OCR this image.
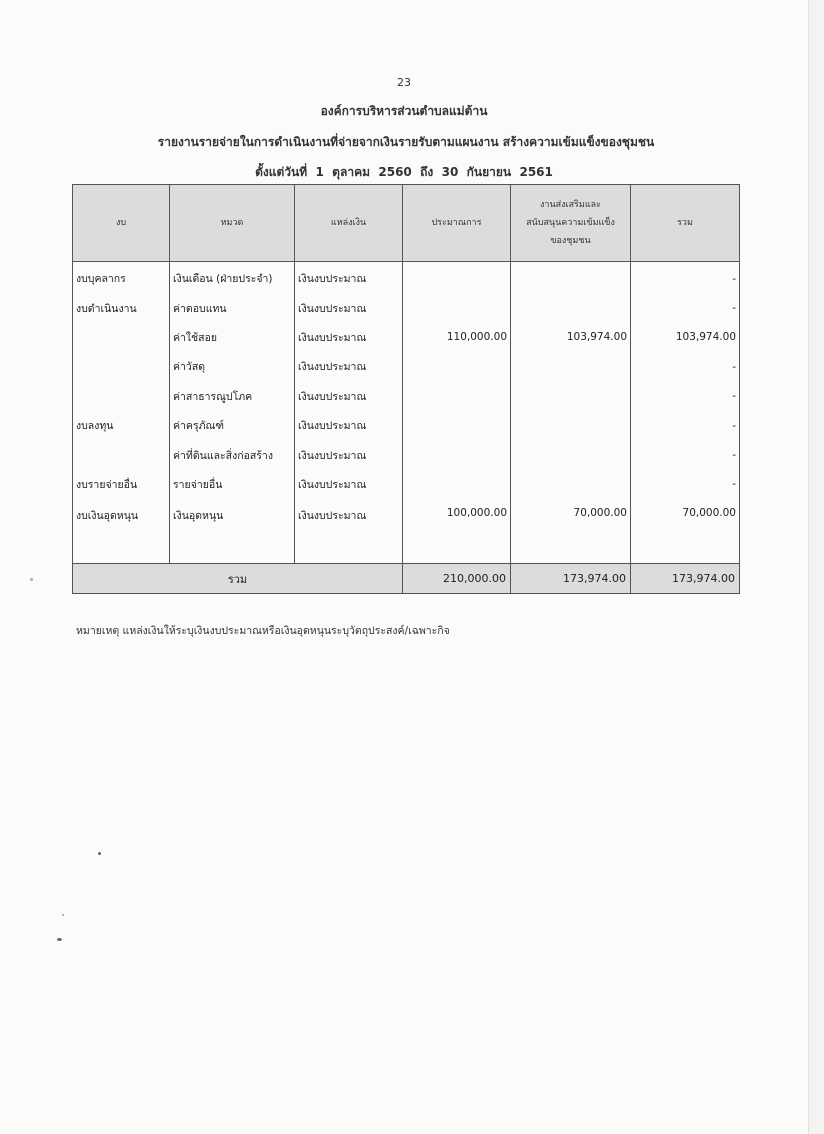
23
องค์การบริหารส่วนตำบลแม่ต้าน
รายงานรายจ่ายในการดำเนินงานที่จ่ายจากเงินรายรับตามแผนงาน สร้างความเข้มแข็งของชุมชน
ตั้งแต่วันที่  1  ตุลาคม  2560  ถึง  30  กันยายน  2561
งบ	หมวด	แหล่งเงิน	ประมาณการ	งานส่งเสริมและ
สนับสนุนความเข้มแข็ง
ของชุมชน	รวม
งบบุคลากร	เงินเดือน (ฝ่ายประจำ)	เงินงบประมาณ			-
งบดำเนินงาน	ค่าตอบแทน	เงินงบประมาณ			-
	ค่าใช้สอย	เงินงบประมาณ	110,000.00	103,974.00	103,974.00
	ค่าวัสดุ	เงินงบประมาณ			-
	ค่าสาธารณูปโภค	เงินงบประมาณ			-
งบลงทุน	ค่าครุภัณฑ์	เงินงบประมาณ			-
	ค่าที่ดินและสิ่งก่อสร้าง	เงินงบประมาณ			-
งบรายจ่ายอื่น	รายจ่ายอื่น	เงินงบประมาณ			-
งบเงินอุดหนุน	เงินอุดหนุน	เงินงบประมาณ	100,000.00	70,000.00	70,000.00

รวม			210,000.00	173,974.00	173,974.00
หมายเหตุ แหล่งเงินให้ระบุเงินงบประมาณหรือเงินอุดหนุนระบุวัตถุประสงค์/เฉพาะกิจ
